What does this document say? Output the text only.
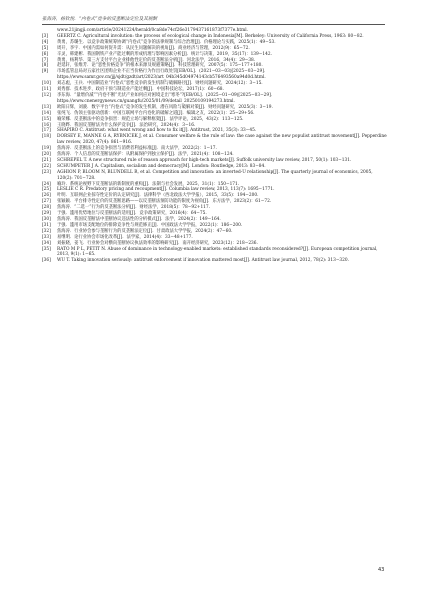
张海涛，杨钦悦．“内卷式”竞争的反垄断法定位及其规制
www.21jingji.com/article/20241224/herald/0ca8de74cf26e3179437161873f7377e.html.
[3]	GEERTZ C. Agricultural involution: the process of ecological change in Indonesia[M]. Berkeley: University of California Press, 1963: 80−82.
[4]	黄勇，苏璐生．以竞争政策统筹协调“内卷式”竞争的法律规制与综合治理[J]．价格理论与实践，2025(1)：49−53.
[5]	周开，李宇．中国内需如何促升需：从民生问题解决的视角[J]．商业经济与管理，2012(9)：65−72.
[6]	辛灵，韩建彬．我国钢铁产业产能过剩的形成机理与影响因素分析[J]．统计与决策，2019，35(17)：139−142.
[7]	黄勇，杨利华．第三方支付平台企业排他性定价的反垄断法分析[J]．河北法学，2016，34(4)：29−38.
[8]	赵延轩，张维芳．论“恶性价格竞争”的根本来源及规避策略[J]．科技管理研究，2007(5)：175−177+180.
[9]	市场监管总局对五家社区团购企业不正当价格行为作出行政处罚[EB/OL]．(2021−03−03)[2025−03−29]．https://www.samr.gov.cn/jjj/sjdt/gzdt/art/2023/art_04b345d04974143cb576493560a94d0d.html.
[10]	刘志彪，王兵．中国制造业“内卷式”恶性竞争的发生机制与破解路径[J]．财经问题研究，2024(12)：3−15.
[11]	刘秀群．技术进步、政府干预与制造业产能过剩[J]．中国科技论坛，2017(1)：60−68.
[12]	李东海．“量增价减”“内卷不断”光伏产业如何应对困境走出“寒冬”?[EB/OL]．(2025−01−09)[2025−03−29]．https://www.cnenergynews.cn/guangfu/2025/01/09/detail_20250109194273.html.
[13]	欧阳日辉，刘骏．数字平台“内卷式”竞争的发生机制、潜在风险与破解对策[J]．财经问题研究，2025(3)：3−19.
[14]	张纯飞．伪领主张驱动创新：中国互联网平台内卷化的破解之道[J]．编辑之友，2022(1)：25−29+56.
[15]	喻荣娜．反垄断法中的竞争损害：规范立场与解释框架[J]．法学评论，2025，43(2)：113−125.
[16]	王晓晔．我国反垄断法为什么保护竞争[J]．法治研究，2024(4)：3−16.
[17]	SHAPIRO C. Antitrust: what went wrong and how to fix it[J]. Antitrust, 2021, 35(3): 33−45.
[18]	DORSEY E, MANNE G A, RYBNICEK J, et al. Consumer welfare & the rule of law: the case against the new populist antitrust movement[J]. Pepperdine law review, 2020, 47(4): 861−916.
[19]	焦海涛．反垄断法上的竞争损害与消费者利益标准[J]．南大法学，2022(2)：1−17.
[20]	焦海涛．个人信息的反垄断法保护：从附属保护到独立保护[J]．法学，2021(4)：108−124.
[21]	SCHREPEL T. A new structured rule of reason approach for high-tech markets[J]. Suffolk university law review, 2017, 50(1): 103−131.
[22]	SCHUMPETER J A. Capitalism, socialism and democracy[M]. London: Routledge, 2013: 83−84.
[23]	AGHION P, BLOOM N, BLUNDELL R, et al. Competition and innovation: an inverted-U relationship[J]. The quarterly journal of economics, 2005, 120(2): 701−728.
[24]	喻玲．系统论视野下反垄断法的新制度的重构[J]．法制与社会发展，2025，31(1)：150−171.
[25]	LESLIE C R. Predatory pricing and recoupment[J]. Columbia law review, 2013, 113(7): 1695−1771.
[26]	叶明．互联网企业掠夺性定价的认定研究[J]．法律科学（西北政法大学学报），2015，33(5)：194−200.
[27]	张颖颖．平台排寺性定价的反垄断思路——以反垄断法预防功能的限度为视角[J]．东方法学，2023(2)：61−72.
[28]	焦海涛．“二选一”行为的反垄断法分析[J]．财经法学，2018(5)：78−92+117.
[29]	于强．滥用优势地位与反垄断法的适用[J]．竞争政策研究，2016(4)：64−75.
[30]	焦海涛．我国反垄断法中垄断协议违法性的分析模式[J]．法学，2024(2)：149−164.
[31]	于强．滥用市场支配地位的排除竞争性与规范修正[J]．中国政法大学学报，2022(1)：186−200.
[32]	焦海涛．行业协会参与垄断行为的反垄断法定位[J]．甘肃政法大学学报，2024(2)：47−60.
[33]	易继明．论行业协会市场化改革[J]．法学家，2014(4)：33−48+177.
[34]	刘振晓，姜飞．行业协会对横向垄断协议执法效率的影响研究[J]．南开经济研究，2023(12)：218−236.
[35]	RATO M P L, PETIT N. Abuse of dominance in technology-enabled markets: established standards reconsidered?[J]. European competition journal, 2013, 9(1): 1−65.
[36]	WU T. Taking innovation seriously: antitrust enforcement if innovation mattered most[J]. Antitrust law journal, 2012, 78(2): 313−320.
43
